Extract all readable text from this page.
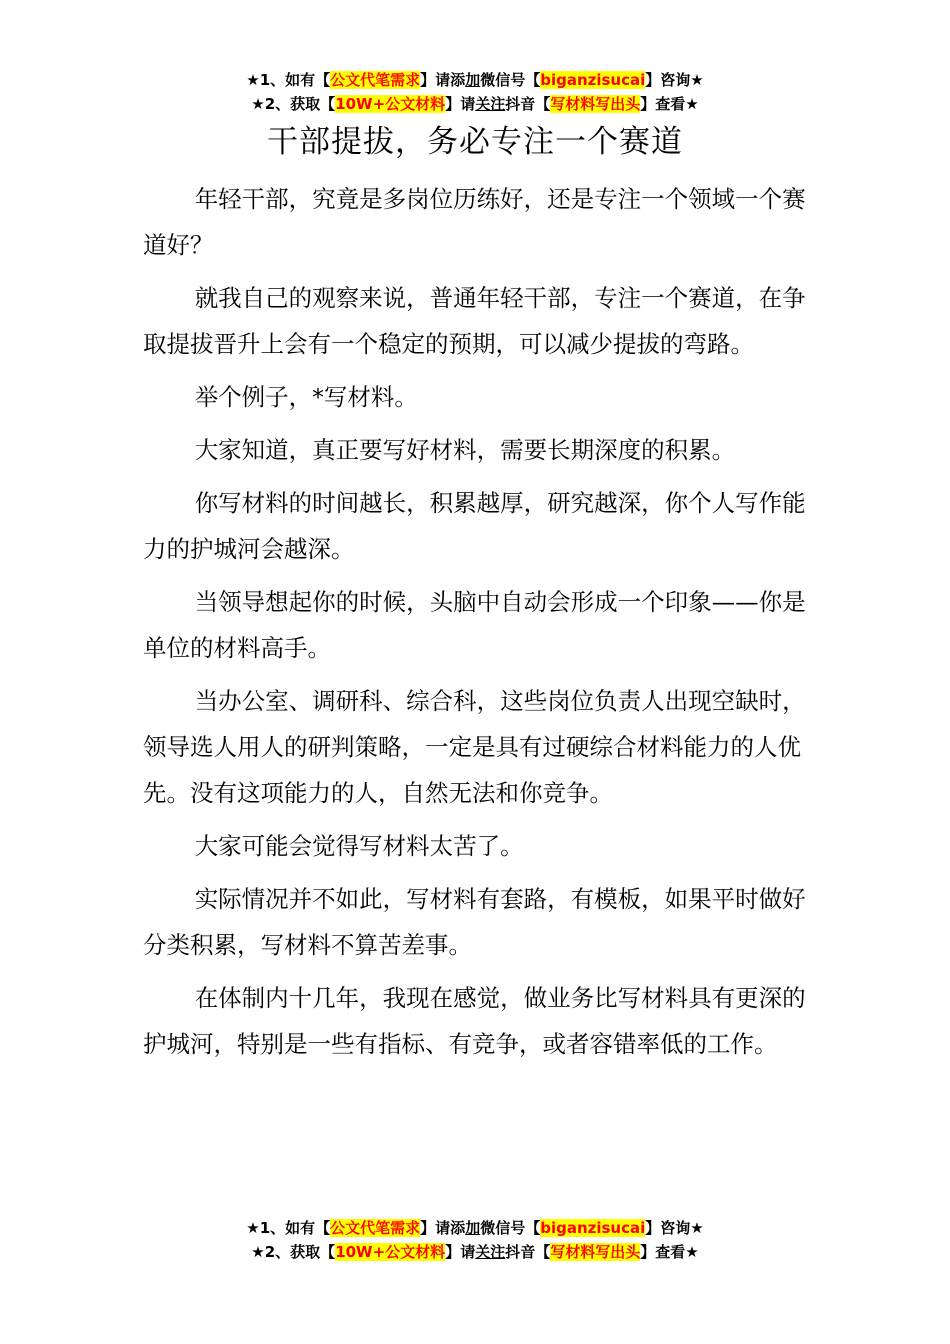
★1、如有【公文代笔需求】请添加微信号【biganzisucai】咨询★
★2、获取【10W+公文材料】请关注抖音【写材料写出头】查看★
干部提拔，务必专注一个赛道

年轻干部，究竟是多岗位历练好，还是专注一个领域一个赛道好？

就我自己的观察来说，普通年轻干部，专注一个赛道，在争取提拔晋升上会有一个稳定的预期，可以减少提拔的弯路。

举个例子，*写材料。

大家知道，真正要写好材料，需要长期深度的积累。

你写材料的时间越长，积累越厚，研究越深，你个人写作能力的护城河会越深。

当领导想起你的时候，头脑中自动会形成一个印象——你是单位的材料高手。

当办公室、调研科、综合科，这些岗位负责人出现空缺时，领导选人用人的研判策略，一定是具有过硬综合材料能力的人优先。没有这项能力的人，自然无法和你竞争。

大家可能会觉得写材料太苦了。

实际情况并不如此，写材料有套路，有模板，如果平时做好分类积累，写材料不算苦差事。

在体制内十几年，我现在感觉，做业务比写材料具有更深的护城河，特别是一些有指标、有竞争，或者容错率低的工作。

★1、如有【公文代笔需求】请添加微信号【biganzisucai】咨询★
★2、获取【10W+公文材料】请关注抖音【写材料写出头】查看★
